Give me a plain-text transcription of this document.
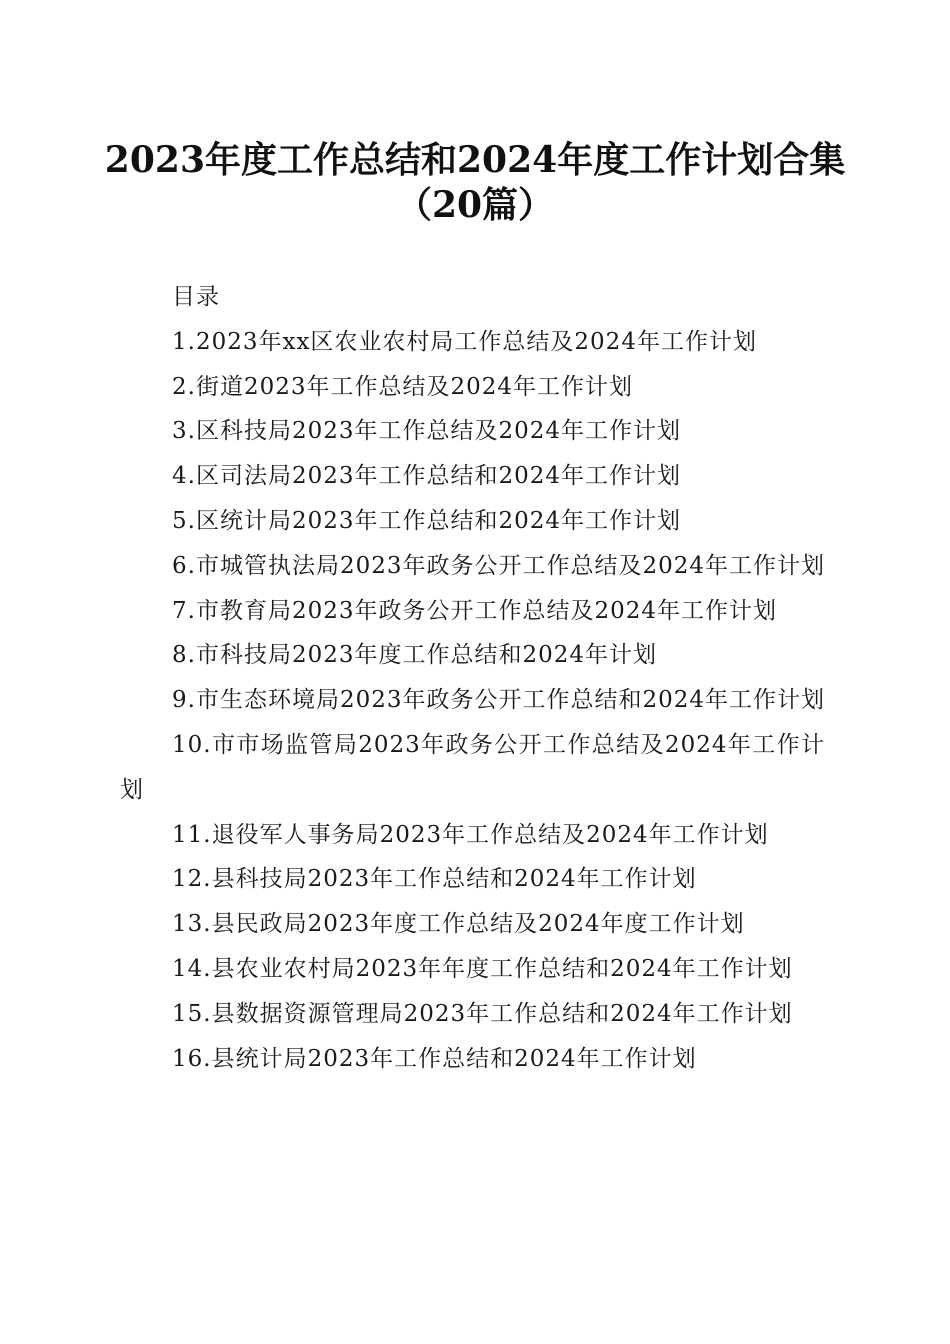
2023年度工作总结和2024年度工作计划合集
（20篇）
目录
1.2023年xx区农业农村局工作总结及2024年工作计划
2.街道2023年工作总结及2024年工作计划
3.区科技局2023年工作总结及2024年工作计划
4.区司法局2023年工作总结和2024年工作计划
5.区统计局2023年工作总结和2024年工作计划
6.市城管执法局2023年政务公开工作总结及2024年工作计划
7.市教育局2023年政务公开工作总结及2024年工作计划
8.市科技局2023年度工作总结和2024年计划
9.市生态环境局2023年政务公开工作总结和2024年工作计划
10.市市场监管局2023年政务公开工作总结及2024年工作计划
11.退役军人事务局2023年工作总结及2024年工作计划
12.县科技局2023年工作总结和2024年工作计划
13.县民政局2023年度工作总结及2024年度工作计划
14.县农业农村局2023年年度工作总结和2024年工作计划
15.县数据资源管理局2023年工作总结和2024年工作计划
16.县统计局2023年工作总结和2024年工作计划
